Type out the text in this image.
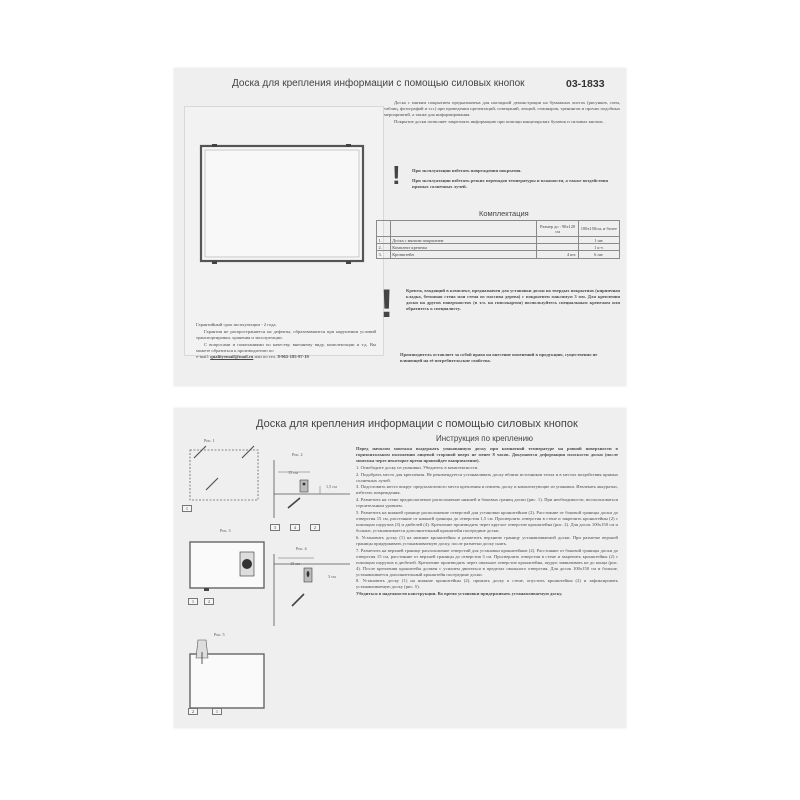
Доска для крепления информации с помощью силовых кнопок	03-1833

Доска с мягким покрытием предназначена для наглядной демонстрации на бумажных листах (рисунков, схем, таблиц, фотографий и т.п.) при проведении презентаций, совещаний, лекций, семинаров, тренингов и прочих подобных мероприятий, а также для информирования.

Покрытие доски позволяет закреплять информацию при помощи канцелярских булавок и силовых кнопок.

! При эксплуатации избегать повреждения покрытия.

При эксплуатации избегать резких перепадов температуры и влажности, а также воздействия прямых солнечных лучей.

Комплектация
		Размер до : 90х120 см	100х150см, и более
1.	Доска с мягким покрытием		1 шт.
2.	Комплект крепежа		1 к-т.
3.	Кронштейн	4 шт.	6 шт.
!	Крепеж, входящий в комплект, предназначен для установки доски на твердых покрытиях (кирпичная кладка, бетонная стена или стена из массива дерева) с покрытием максимум 3 мм. Для крепления доски на других поверхностях (в т.ч. на гипсокартон) воспользуйтесь специальным крепежом или обратитесь к специалисту.
Производитель оставляет за собой право на внесение изменений в продукцию, существенно не влияющей на её потребительские свойства.

Гарантийный срок эксплуатации - 2 года.

Гарантия не распространяется на дефекты, образовавшиеся при нарушении условий транспортировки, хранения и эксплуатации.

С вопросами и пожеланиями по качеству, внешнему виду, комплектации и т.д. Вы можете обратиться к производителю по

e-mail: qualityemail@mail.ru или по тел. 8-965-185-97-19

Доска для крепления информации с помощью силовых кнопок
Инструкция по креплению
Рис. 1
1
Рис. 2
15 см
1,5 см
3	4	2
Рис. 3
1	2
Рис. 4
15 см
3 см
Рис. 5
2	1

Перед началом монтажа выдержать упакованную доску при комнатной температуре на ровной поверхности в горизонтальном положении лицевой стороной вверх не менее 8 часов. Докупаются деформация плоскости доски (после монтажа через некоторое время произойдет выпрямление).

1. Освободите доску из упаковки. Убедитесь в комплектности.

2. Подобрать место для крепления. Не рекомендуется устанавливать доску вблизи источников тепла и в местах воздействия прямых солнечных лучей.

3. Подготовить место вокруг предполагаемого места крепления и извлечь доску и комплектующие из упаковки. Извлекать аккуратно, избегать повреждения.

4. Разметить на стене предполагаемое расположение нижней и боковых границ доски (рис. 1). При необходимости, воспользоваться строительным уровнем.

5. Разметить на нижней границе расположение отверстий для установки кронштейнов (2). Расстояние от боковой границы доски до отверстия 15 см, расстояние от нижней границы до отверстия 1,5 см. Просверлить отверстия в стене и закрепить кронштейны (2) с помощью шурупов (3) и дюбелей (4). Крепление производить через круглое отверстие кронштейна (рис. 2). Для досок 100х150 см и больше, устанавливается дополнительный кронштейн посередине доски.

6. Установить доску (1) на нижние кронштейны и разметить верхнюю границу устанавливаемой доски. При разметке верхней границы придерживать устанавливаемую доску, после разметки доску снять.

7. Разметить на верхней границе расположение отверстий для установки кронштейнов (2). Расстояние от боковой границы доски до отверстия 15 см, расстояние от верхней границы до отверстия 3 см. Просверлить отверстия в стене и закрепить кронштейны (2) с помощью шурупов и дюбелей. Крепление производить через овальное отверстие кронштейна, шуруп завинчивать не до конца (рис. 4). После крепления кронштейн должен с усилием двигаться в пределах овального отверстия. Для досок 100х150 см и больше, устанавливается дополнительный кронштейн посередине доски.

8. Установить доску (1) на нижние кронштейны (2), прижать доску к стене, опустить кронштейны (2) и зафиксировать устанавливаемую доску (рис. 5).

Убедиться в надежности конструкции. Во время установки придерживать устанавливаемую доску.
